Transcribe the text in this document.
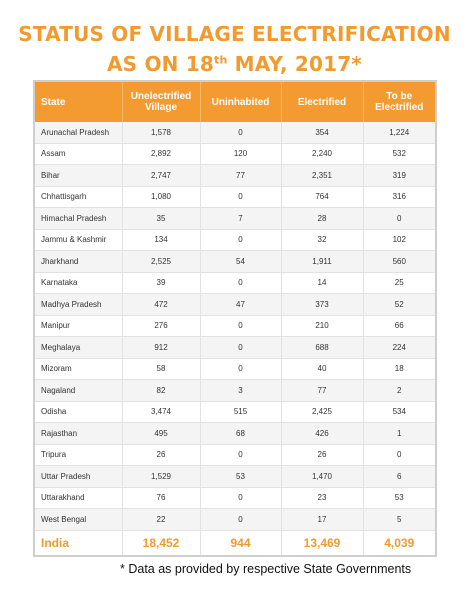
STATUS OF VILLAGE ELECTRIFICATION
AS ON 18th MAY, 2017*
State	Unelectrified Village	Uninhabited	Electrified	To be Electrified
Arunachal Pradesh	1,578	0	354	1,224
Assam	2,892	120	2,240	532
Bihar	2,747	77	2,351	319
Chhattisgarh	1,080	0	764	316
Himachal Pradesh	35	7	28	0
Jammu & Kashmir	134	0	32	102
Jharkhand	2,525	54	1,911	560
Karnataka	39	0	14	25
Madhya Pradesh	472	47	373	52
Manipur	276	0	210	66
Meghalaya	912	0	688	224
Mizoram	58	0	40	18
Nagaland	82	3	77	2
Odisha	3,474	515	2,425	534
Rajasthan	495	68	426	1
Tripura	26	0	26	0
Uttar Pradesh	1,529	53	1,470	6
Uttarakhand	76	0	23	53
West Bengal	22	0	17	5
India	18,452	944	13,469	4,039
* Data as provided by respective State Governments
